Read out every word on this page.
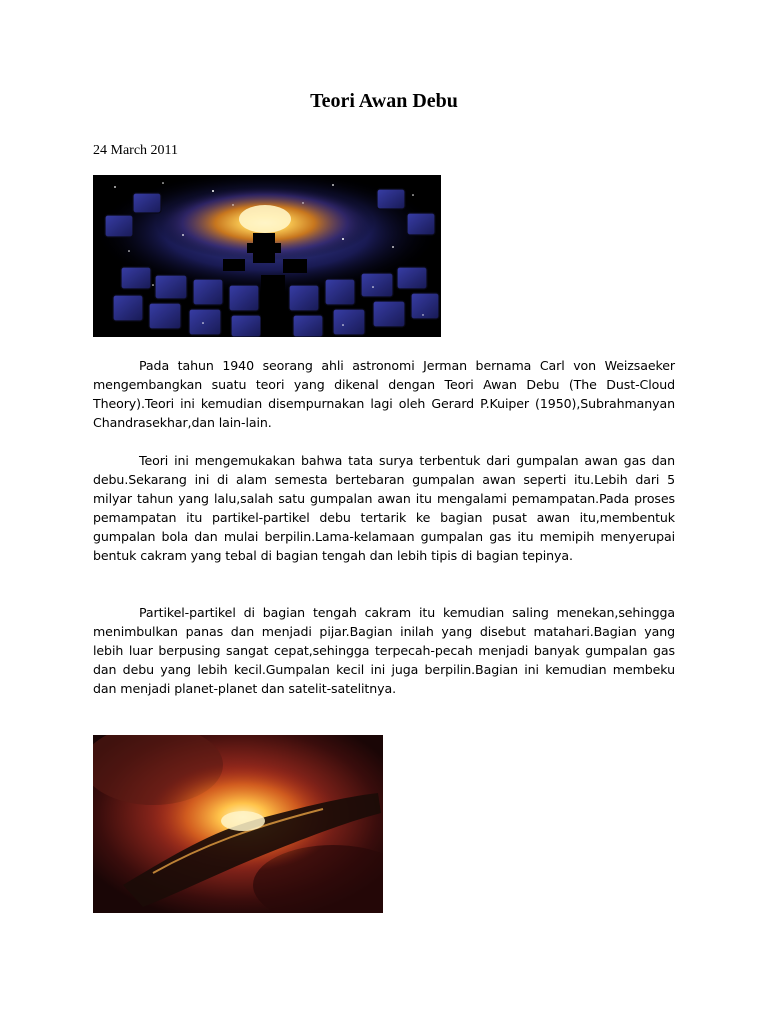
Teori Awan Debu
24 March 2011

Pada tahun 1940 seorang ahli astronomi Jerman bernama Carl von Weizsaeker mengembangkan suatu teori yang dikenal dengan Teori Awan Debu (The Dust-Cloud Theory).Teori ini kemudian disempurnakan lagi oleh Gerard P.Kuiper (1950),Subrahmanyan Chandrasekhar,dan lain-lain.

Teori ini mengemukakan bahwa tata surya terbentuk dari gumpalan awan gas dan debu.Sekarang ini di alam semesta bertebaran gumpalan awan seperti itu.Lebih dari 5 milyar tahun yang lalu,salah satu gumpalan awan itu mengalami pemampatan.Pada proses pemampatan itu partikel-partikel debu tertarik ke bagian pusat awan itu,membentuk gumpalan bola dan mulai berpilin.Lama-kelamaan gumpalan gas itu memipih menyerupai bentuk cakram yang tebal di bagian tengah dan lebih tipis di bagian tepinya.

Partikel-partikel di bagian tengah cakram itu kemudian saling menekan,sehingga menimbulkan panas dan menjadi pijar.Bagian inilah yang disebut matahari.Bagian yang lebih luar berpusing sangat cepat,sehingga terpecah-pecah menjadi banyak gumpalan gas dan debu yang lebih kecil.Gumpalan kecil ini juga berpilin.Bagian ini kemudian membeku dan menjadi planet-planet dan satelit-satelitnya.
